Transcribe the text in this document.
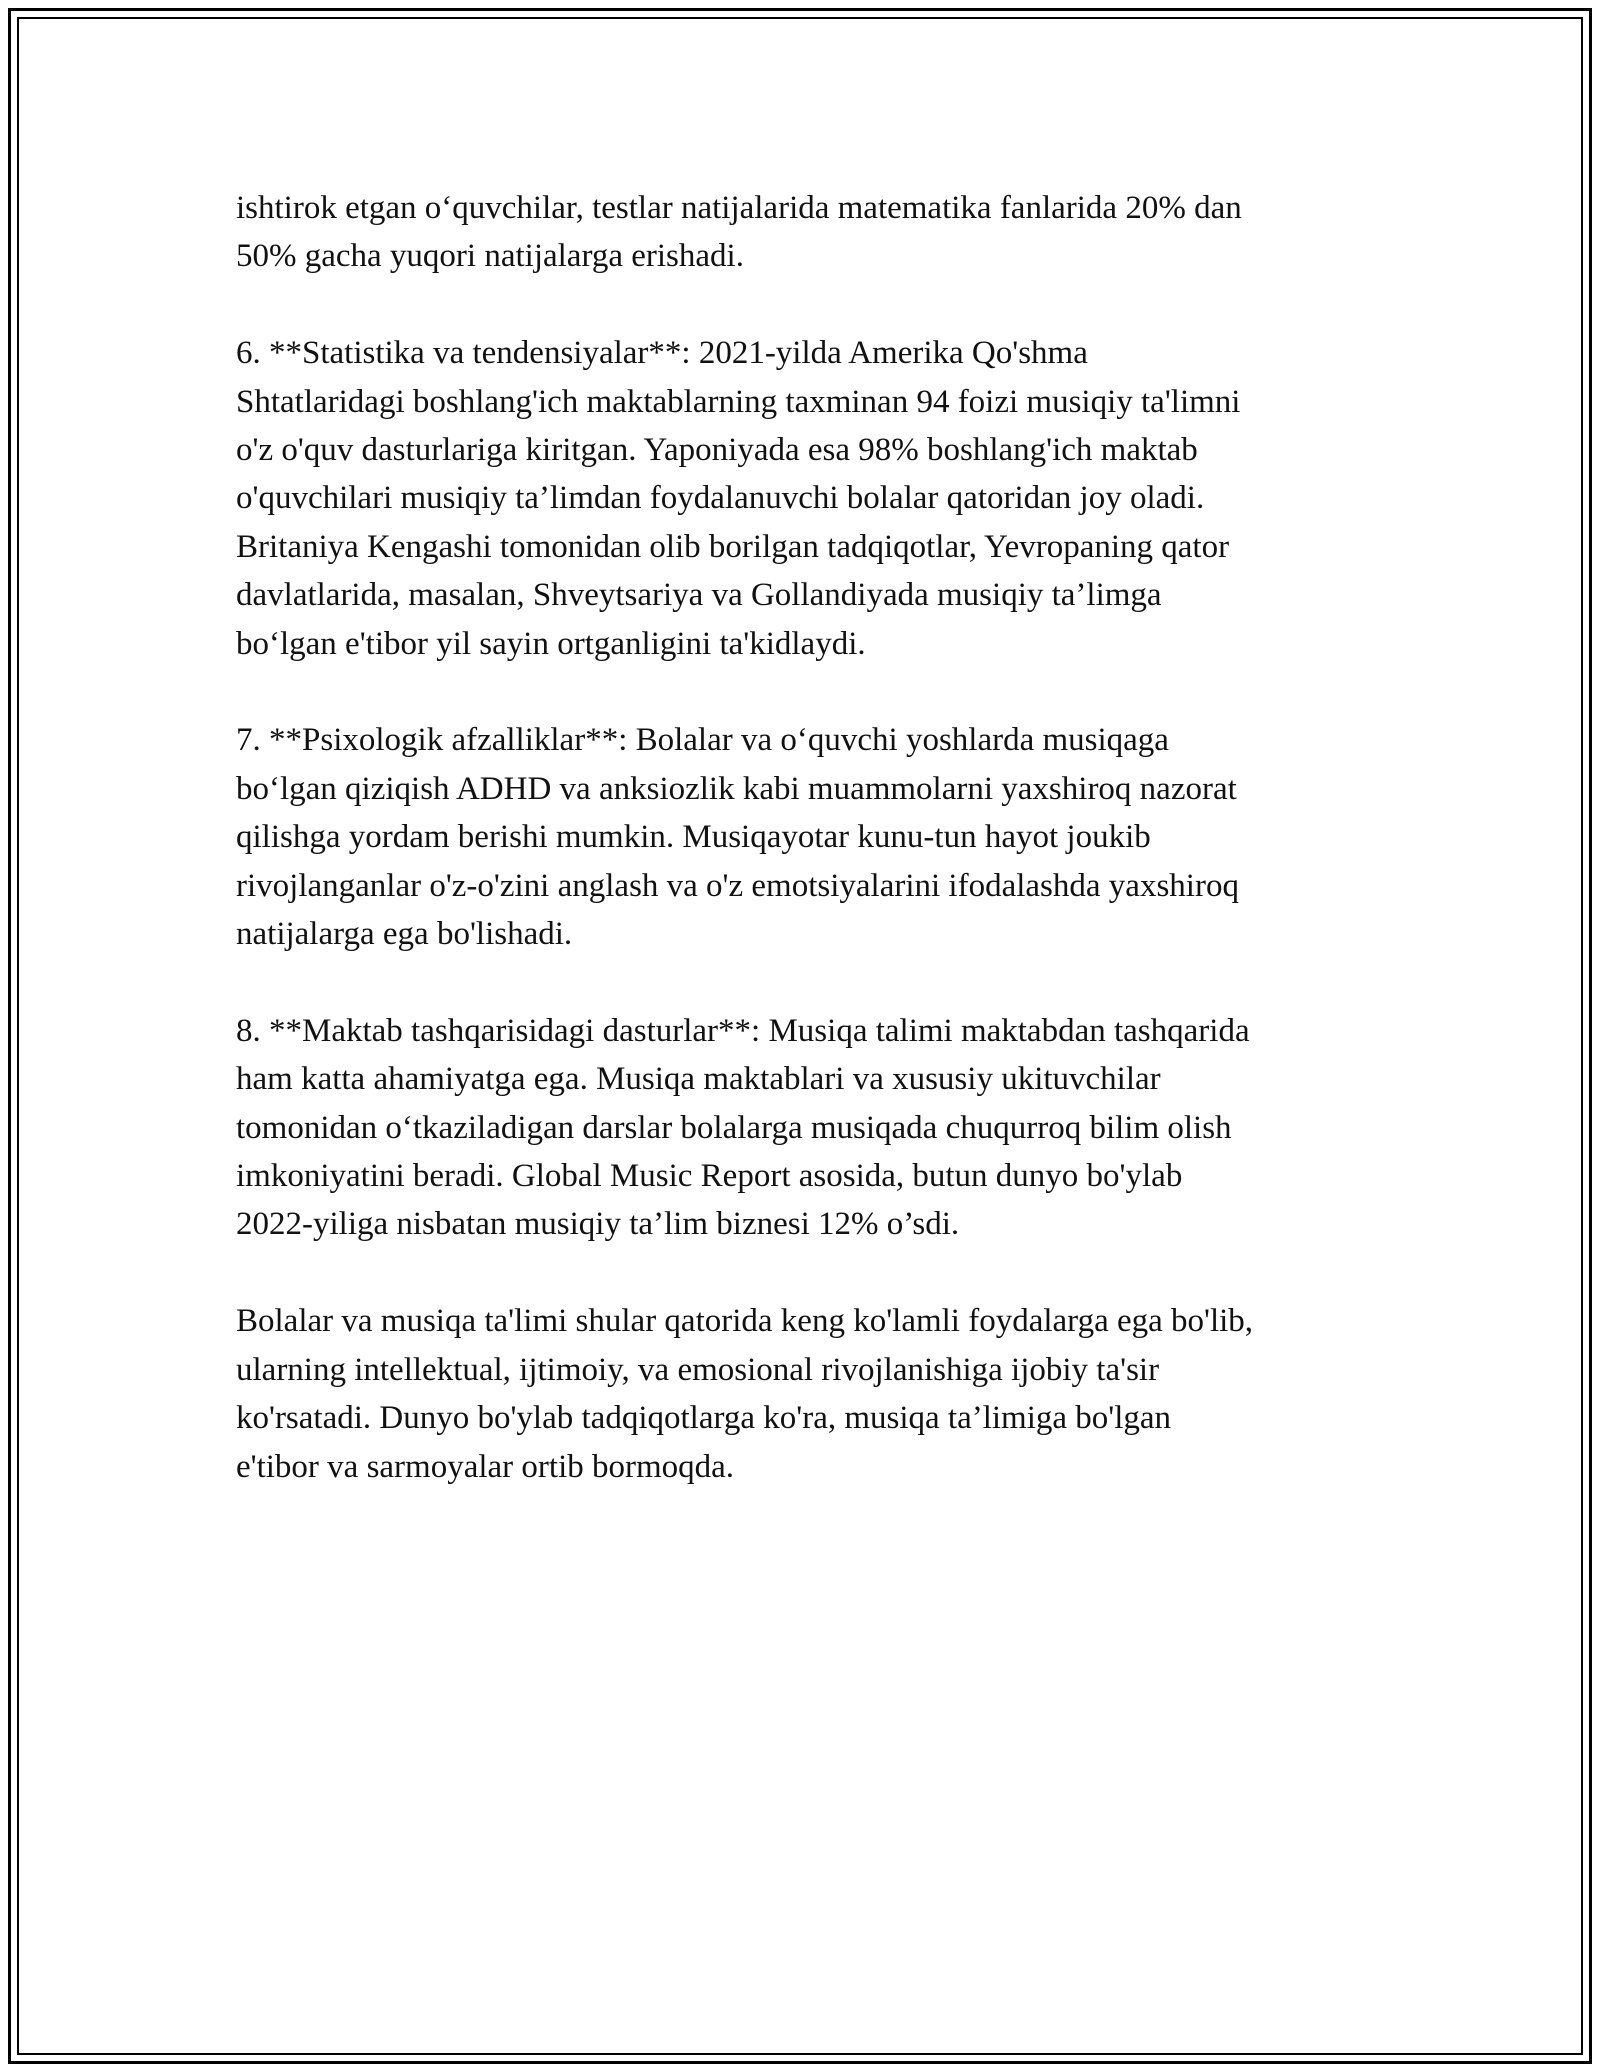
ishtirok etgan o‘quvchilar, testlar natijalarida matematika fanlarida 20% dan
50% gacha yuqori natijalarga erishadi.

6. **Statistika va tendensiyalar**: 2021-yilda Amerika Qo'shma
Shtatlaridagi boshlang'ich maktablarning taxminan 94 foizi musiqiy ta'limni
o'z o'quv dasturlariga kiritgan. Yaponiyada esa 98% boshlang'ich maktab
o'quvchilari musiqiy ta’limdan foydalanuvchi bolalar qatoridan joy oladi.
Britaniya Kengashi tomonidan olib borilgan tadqiqotlar, Yevropaning qator
davlatlarida, masalan, Shveytsariya va Gollandiyada musiqiy ta’limga
bo‘lgan e'tibor yil sayin ortganligini ta'kidlaydi.

7. **Psixologik afzalliklar**: Bolalar va o‘quvchi yoshlarda musiqaga
bo‘lgan qiziqish ADHD va anksiozlik kabi muammolarni yaxshiroq nazorat
qilishga yordam berishi mumkin. Musiqayotar kunu-tun hayot joukib
rivojlanganlar o'z-o'zini anglash va o'z emotsiyalarini ifodalashda yaxshiroq
natijalarga ega bo'lishadi.

8. **Maktab tashqarisidagi dasturlar**: Musiqa talimi maktabdan tashqarida
ham katta ahamiyatga ega. Musiqa maktablari va xususiy ukituvchilar
tomonidan o‘tkaziladigan darslar bolalarga musiqada chuqurroq bilim olish
imkoniyatini beradi. Global Music Report asosida, butun dunyo bo'ylab
2022-yiliga nisbatan musiqiy ta’lim biznesi 12% o’sdi.

Bolalar va musiqa ta'limi shular qatorida keng ko'lamli foydalarga ega bo'lib,
ularning intellektual, ijtimoiy, va emosional rivojlanishiga ijobiy ta'sir
ko'rsatadi. Dunyo bo'ylab tadqiqotlarga ko'ra, musiqa ta’limiga bo'lgan
e'tibor va sarmoyalar ortib bormoqda.
